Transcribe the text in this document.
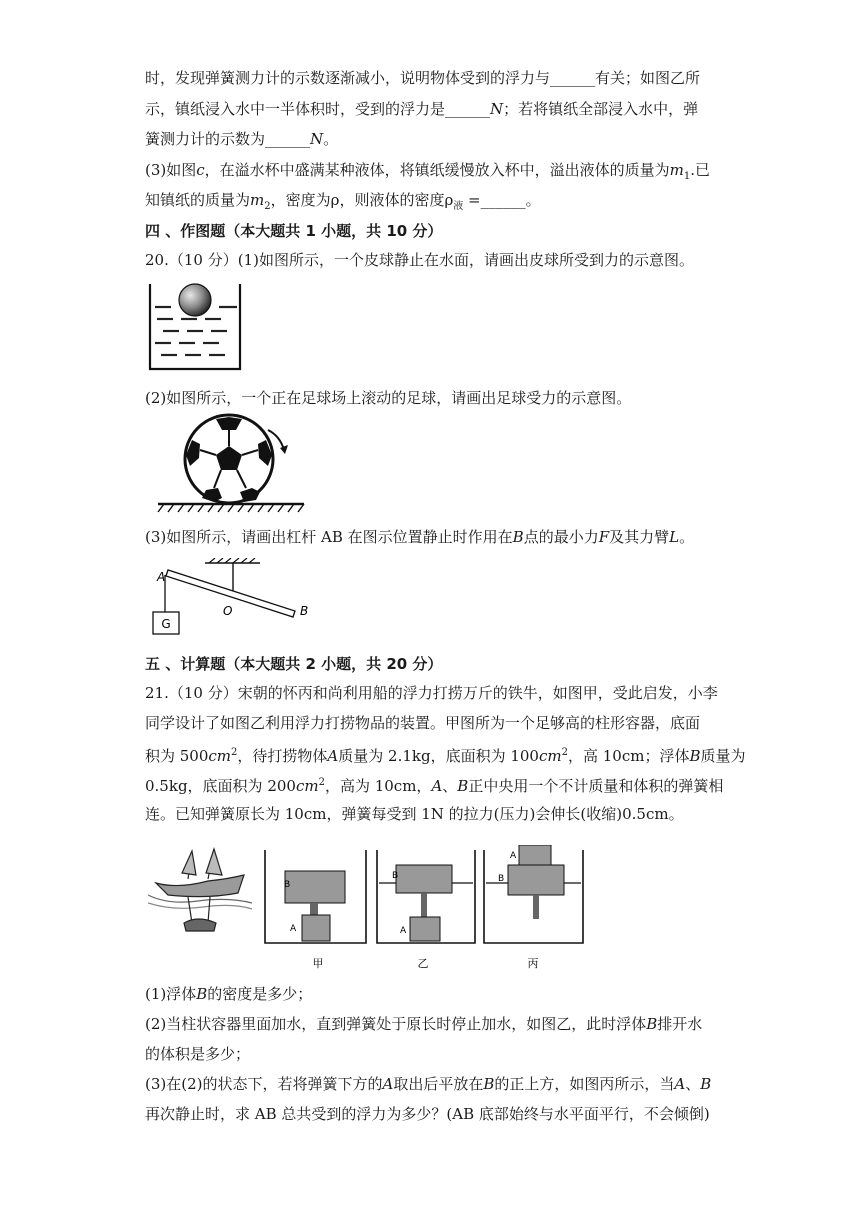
时，发现弹簧测力计的示数逐渐减小，说明物体受到的浮力与______有关；如图乙所
示，镇纸浸入水中一半体积时，受到的浮力是______N；若将镇纸全部浸入水中，弹
簧测力计的示数为______N。
(3)如图c，在溢水杯中盛满某种液体，将镇纸缓慢放入杯中，溢出液体的质量为$m_1$.已
知镇纸的质量为$m_2$，密度为ρ，则液体的密度$\rho_液$ =______。
四 、作图题（本大题共 1 小题，共 10 分）
20.（10 分）(1)如图所示，一个皮球静止在水面，请画出皮球所受到力的示意图。
(2)如图所示，一个正在足球场上滚动的足球，请画出足球受力的示意图。
(3)如图所示，请画出杠杆 AB 在图示位置静止时作用在B点的最小力F及其力臂L。
G
A
O	B
五 、计算题（本大题共 2 小题，共 20 分）
21.（10 分）宋朝的怀丙和尚利用船的浮力打捞万斤的铁牛，如图甲，受此启发，小李
同学设计了如图乙利用浮力打捞物品的装置。甲图所为一个足够高的柱形容器，底面
积为 $500cm^2$，待打捞物体A质量为 2.1kg，底面积为 $100cm^2$，高 10cm；浮体B质量为
0.5kg，底面积为 $200cm^2$，高为 10cm，A、B正中央用一个不计质量和体积的弹簧相
连。已知弹簧原长为 10cm，弹簧每受到 1N 的拉力(压力)会伸长(收缩)0.5cm。
B
A
B
A
A
B
甲	乙	丙
(1)浮体B的密度是多少；
(2)当柱状容器里面加水，直到弹簧处于原长时停止加水，如图乙，此时浮体B排开水
的体积是多少；
(3)在(2)的状态下，若将弹簧下方的A取出后平放在B的正上方，如图丙所示，当A、B
再次静止时，求 AB 总共受到的浮力为多少？(AB 底部始终与水平面平行，不会倾倒)
